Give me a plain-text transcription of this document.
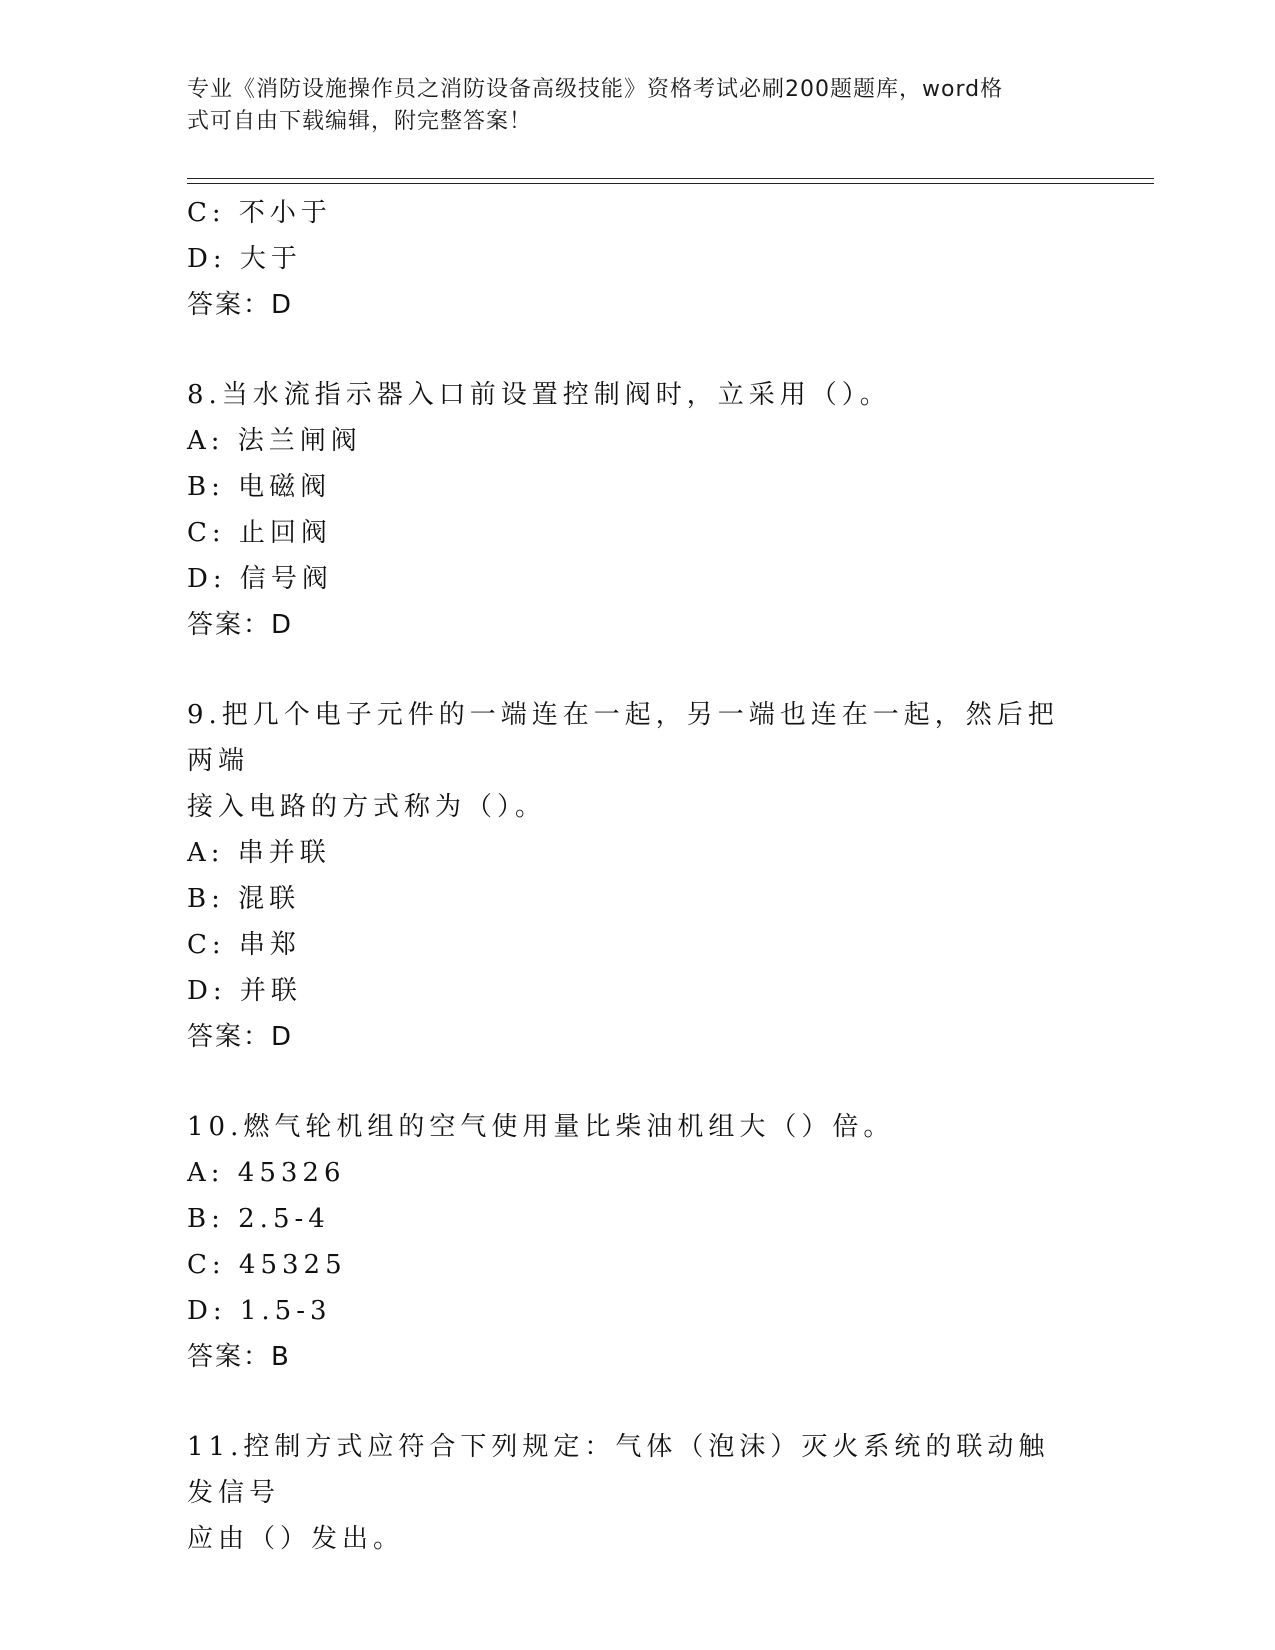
专业《消防设施操作员之消防设备高级技能》资格考试必刷200题题库，word格
式可自由下载编辑，附完整答案！
C: 不小于
D: 大于
答案：D
8.当水流指示器入口前设置控制阀时，立采用（）。
A: 法兰闸阀
B: 电磁阀
C: 止回阀
D: 信号阀
答案：D
9.把几个电子元件的一端连在一起，另一端也连在一起，然后把两端
接入电路的方式称为（）。
A: 串并联
B: 混联
C: 串郑
D: 并联
答案：D
10.燃气轮机组的空气使用量比柴油机组大（）倍。
A: 45326
B: 2.5-4
C: 45325
D: 1.5-3
答案：B
11.控制方式应符合下列规定：气体（泡沫）灭火系统的联动触发信号
应由（）发出。
